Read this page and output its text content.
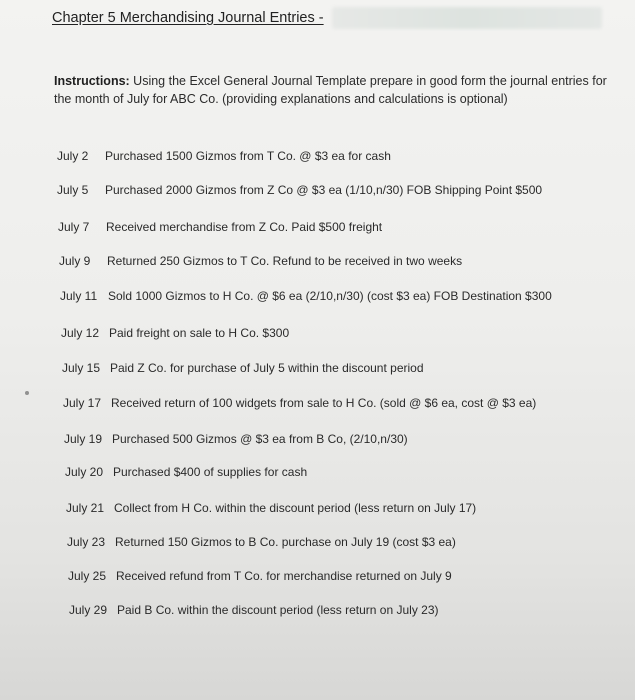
Chapter 5 Merchandising Journal Entries -
Instructions: Using the Excel General Journal Template prepare in good form the journal entries for the month of July for ABC Co. (providing explanations and calculations is optional)
July 2	Purchased 1500 Gizmos from T Co. @ $3 ea for cash
July 5	Purchased 2000 Gizmos from Z Co @ $3 ea (1/10,n/30) FOB Shipping Point $500
July 7	Received merchandise from Z Co. Paid $500 freight
July 9	Returned 250 Gizmos to T Co. Refund to be received in two weeks
July 11 Sold 1000 Gizmos to H Co. @ $6 ea (2/10,n/30) (cost $3 ea) FOB Destination $300
July 12 Paid freight on sale to H Co. $300
July 15 Paid Z Co. for purchase of July 5 within the discount period
July 17 Received return of 100 widgets from sale to H Co. (sold @ $6 ea, cost @ $3 ea)
July 19 Purchased 500 Gizmos @ $3 ea from B Co, (2/10,n/30)
July 20 Purchased $400 of supplies for cash
July 21 Collect from H Co. within the discount period (less return on July 17)
July 23 Returned 150 Gizmos to B Co. purchase on July 19 (cost $3 ea)
July 25 Received refund from T Co. for merchandise returned on July 9
July 29 Paid B Co. within the discount period (less return on July 23)
